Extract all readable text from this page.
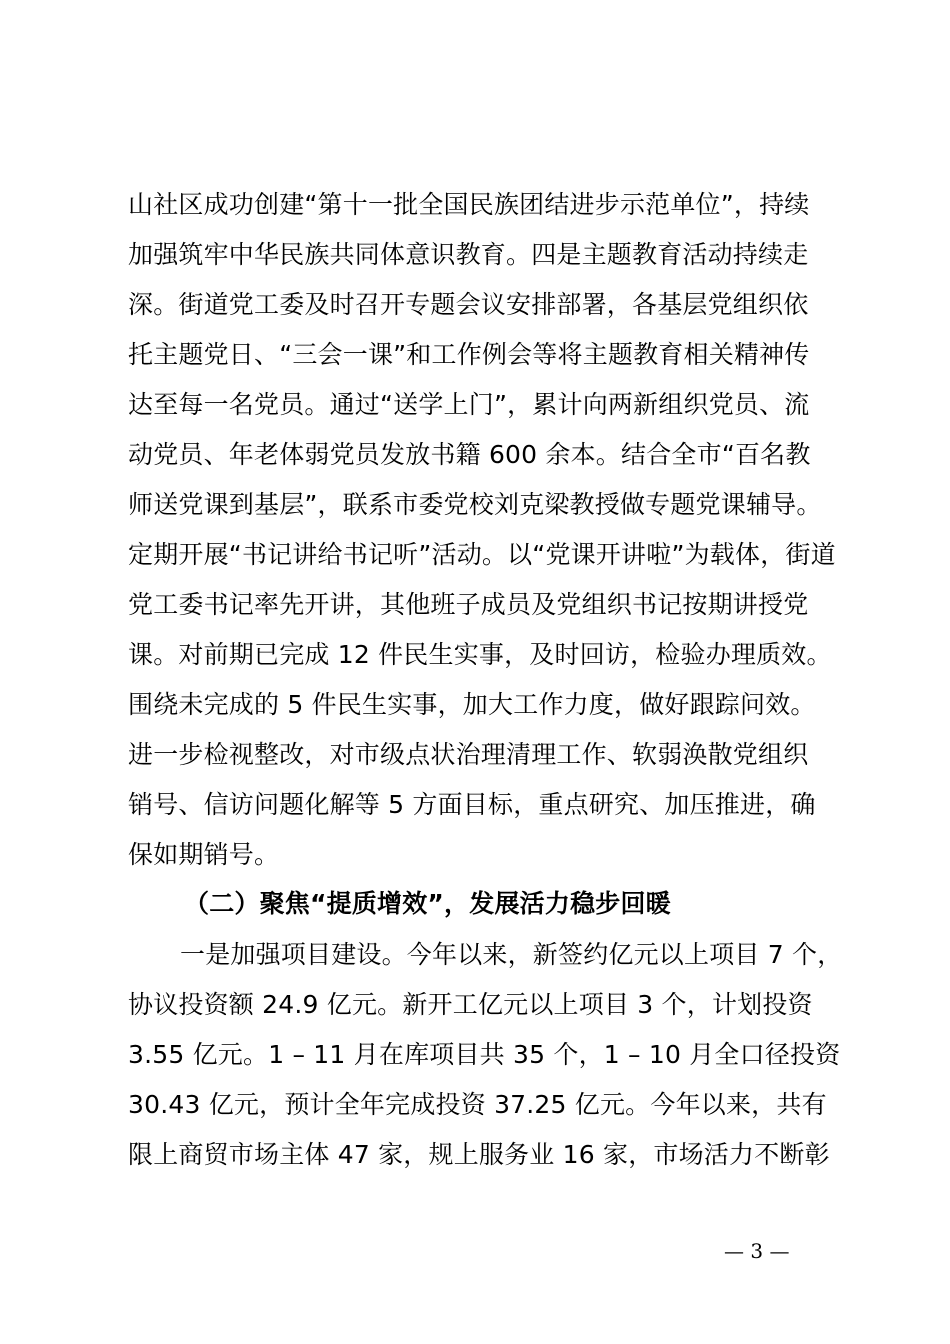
山社区成功创建“第十一批全国民族团结进步示范单位”，持续
加强筑牢中华民族共同体意识教育。四是主题教育活动持续走
深。街道党工委及时召开专题会议安排部署，各基层党组织依
托主题党日、“三会一课”和工作例会等将主题教育相关精神传
达至每一名党员。通过“送学上门”，累计向两新组织党员、流
动党员、年老体弱党员发放书籍 600 余本。结合全市“百名教
师送党课到基层”，联系市委党校刘克梁教授做专题党课辅导。
定期开展“书记讲给书记听”活动。以“党课开讲啦”为载体，街道
党工委书记率先开讲，其他班子成员及党组织书记按期讲授党
课。对前期已完成 12 件民生实事，及时回访，检验办理质效。
围绕未完成的 5 件民生实事，加大工作力度，做好跟踪问效。
进一步检视整改，对市级点状治理清理工作、软弱涣散党组织
销号、信访问题化解等 5 方面目标，重点研究、加压推进，确
保如期销号。
（二）聚焦“提质增效”，发展活力稳步回暖
一是加强项目建设。今年以来，新签约亿元以上项目 7 个，
协议投资额 24.9 亿元。新开工亿元以上项目 3 个，计划投资
3.55 亿元。1 – 11 月在库项目共 35 个，1 – 10 月全口径投资
30.43 亿元，预计全年完成投资 37.25 亿元。今年以来，共有
限上商贸市场主体 47 家，规上服务业 16 家，市场活力不断彰
— 3 —
